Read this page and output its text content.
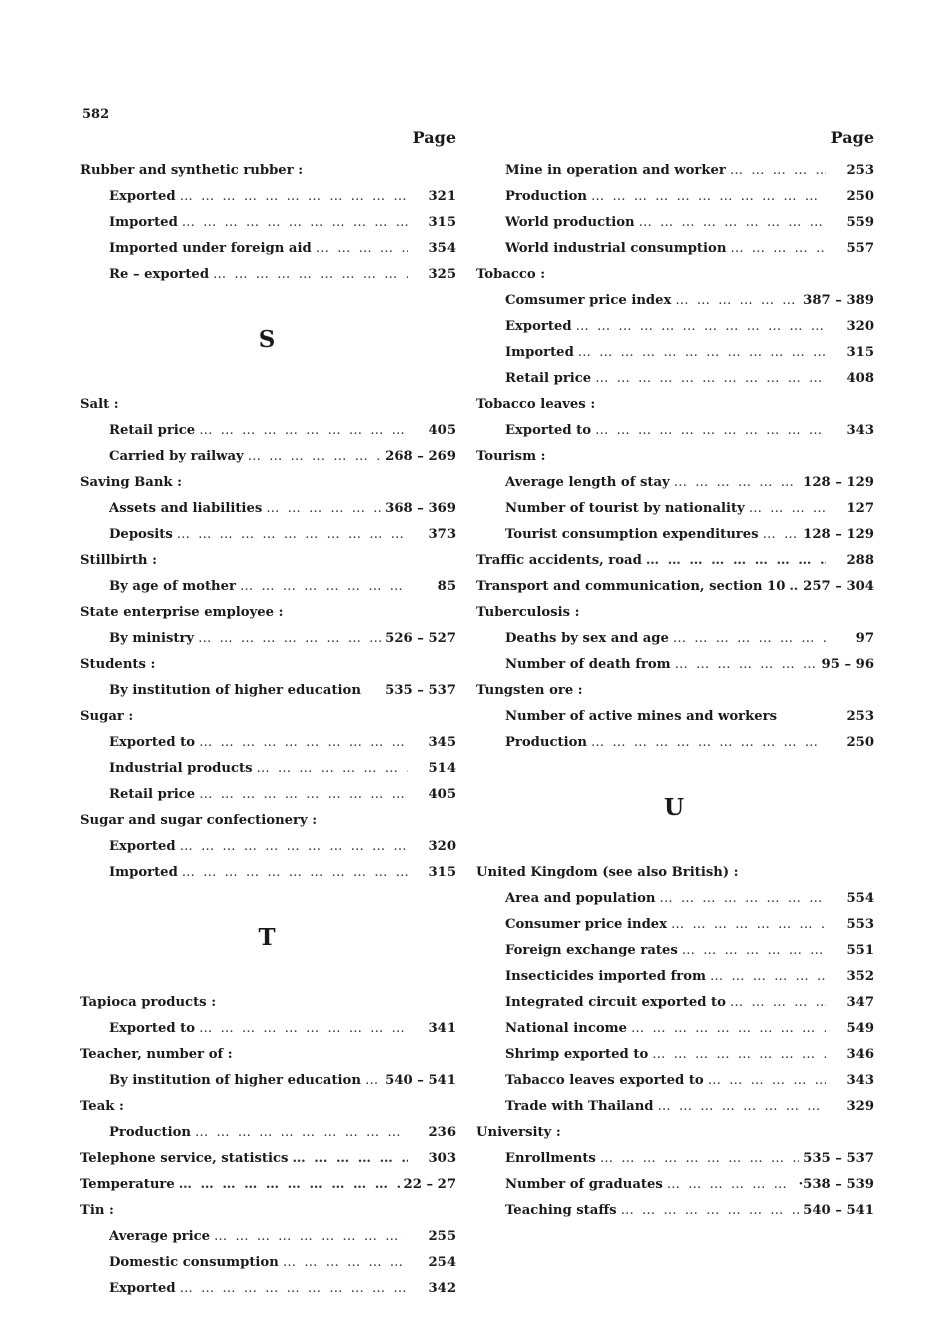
582
Page
Rubber and synthetic rubber :
Exported … … … … … … … … … … … … … … … … … … … … … … … … … … … … … … … …	321
Imported … … … … … … … … … … … … … … … … … … … … … … … … … … … … … … … …	315
Imported under foreign aid … … … … … … … … … … … … … … … … … … … … … … … … … … … … … … … …	354
Re – exported … … … … … … … … … … … … … … … … … … … … … … … … … … … … … … … …	325
S
Salt :
Retail price … … … … … … … … … … … … … … … … … … … … … … … … … … … … … … … …	405
Carried by railway … … … … … … … … … … … … … … … … … … … … … … … … … … … … … … … …	268 – 269
Saving Bank :
Assets and liabilities … … … … … … … … … … … … … … … … … … … … … … … … … … … … … … … …	368 – 369
Deposits … … … … … … … … … … … … … … … … … … … … … … … … … … … … … … … …	373
Stillbirth :
By age of mother … … … … … … … … … … … … … … … … … … … … … … … … … … … … … … … …	85
State enterprise employee :
By ministry … … … … … … … … … … … … … … … … … … … … … … … … … … … … … … … …	526 – 527
Students :
By institution of higher education 535 – 537
Sugar :
Exported to … … … … … … … … … … … … … … … … … … … … … … … … … … … … … … … …	345
Industrial products … … … … … … … … … … … … … … … … … … … … … … … … … … … … … … … …	514
Retail price … … … … … … … … … … … … … … … … … … … … … … … … … … … … … … … …	405
Sugar and sugar confectionery :
Exported … … … … … … … … … … … … … … … … … … … … … … … … … … … … … … … …	320
Imported … … … … … … … … … … … … … … … … … … … … … … … … … … … … … … … …	315
T
Tapioca products :
Exported to … … … … … … … … … … … … … … … … … … … … … … … … … … … … … … … …	341
Teacher, number of :
By institution of higher education … … … … … … … … … … … … … … … … … … … … … … … … … … … … … … … … 540 – 541
Teak :
Production … … … … … … … … … … … … … … … … … … … … … … … … … … … … … … … …	236
Telephone service, statistics … … … … … … … … … … … … … … … … … … … … … … … … … … … … … … … …	303
Temperature … … … … … … … … … … … … … … … … … … … … … … … … … … … … … … … …	22 – 27
Tin :
Average price … … … … … … … … … … … … … … … … … … … … … … … … … … … … … … … …	255
Domestic consumption … … … … … … … … … … … … … … … … … … … … … … … … … … … … … … … …	254
Exported … … … … … … … … … … … … … … … … … … … … … … … … … … … … … … … …	342
Page
Mine in operation and worker … … … … … … … … … … … … … … … … … … … … … … … … … … … … … … … …	253
Production … … … … … … … … … … … … … … … … … … … … … … … … … … … … … … … …	250
World production … … … … … … … … … … … … … … … … … … … … … … … … … … … … … … … …	559
World industrial consumption … … … … … … … … … … … … … … … … … … … … … … … … … … … … … … … …	557
Tobacco :
Comsumer price index … … … … … … … … … … … … … … … … … … … … … … … … … … … … … … … …	387 – 389
Exported … … … … … … … … … … … … … … … … … … … … … … … … … … … … … … … …	320
Imported … … … … … … … … … … … … … … … … … … … … … … … … … … … … … … … …	315
Retail price … … … … … … … … … … … … … … … … … … … … … … … … … … … … … … … …	408
Tobacco leaves :
Exported to … … … … … … … … … … … … … … … … … … … … … … … … … … … … … … … …	343
Tourism :
Average length of stay … … … … … … … … … … … … … … … … … … … … … … … … … … … … … … … …	128 – 129
Number of tourist by nationality … … … … … … … … … … … … … … … … … … … … … … … … … … … … … … … …	127
Tourist consumption expenditures … … … … … … … … … … … … … … … … … … … … … … … … … … … … … … … …	128 – 129
Traffic accidents, road … … … … … … … … … … … … … … … … … … … … … … … … … … … … … … … …	288
Transport and communication, section 10 … … … … … … … … … … … … … … … … … … … … … … … … … … … … … … … … 257 – 304
Tuberculosis :
Deaths by sex and age … … … … … … … … … … … … … … … … … … … … … … … … … … … … … … … …	97
Number of death from … … … … … … … … … … … … … … … … … … … … … … … … … … … … … … … …	95 – 96
Tungsten ore :
Number of active mines and workers	253
Production … … … … … … … … … … … … … … … … … … … … … … … … … … … … … … … …	250
U
United Kingdom (see also British) :
Area and population … … … … … … … … … … … … … … … … … … … … … … … … … … … … … … … …	554
Consumer price index … … … … … … … … … … … … … … … … … … … … … … … … … … … … … … … …	553
Foreign exchange rates … … … … … … … … … … … … … … … … … … … … … … … … … … … … … … … …	551
Insecticides imported from … … … … … … … … … … … … … … … … … … … … … … … … … … … … … … … …	352
Integrated circuit exported to … … … … … … … … … … … … … … … … … … … … … … … … … … … … … … … …	347
National income … … … … … … … … … … … … … … … … … … … … … … … … … … … … … … … …	549
Shrimp exported to … … … … … … … … … … … … … … … … … … … … … … … … … … … … … … … …	346
Tabacco leaves exported to … … … … … … … … … … … … … … … … … … … … … … … … … … … … … … … …	343
Trade with Thailand … … … … … … … … … … … … … … … … … … … … … … … … … … … … … … … …	329
University :
Enrollments … … … … … … … … … … … … … … … … … … … … … … … … … … … … … … … …	535 – 537
Number of graduates … … … … … … … … … … … … … … … … … … … … … … … … … … … … … … … …	·538 – 539
Teaching staffs … … … … … … … … … … … … … … … … … … … … … … … … … … … … … … … …	540 – 541
